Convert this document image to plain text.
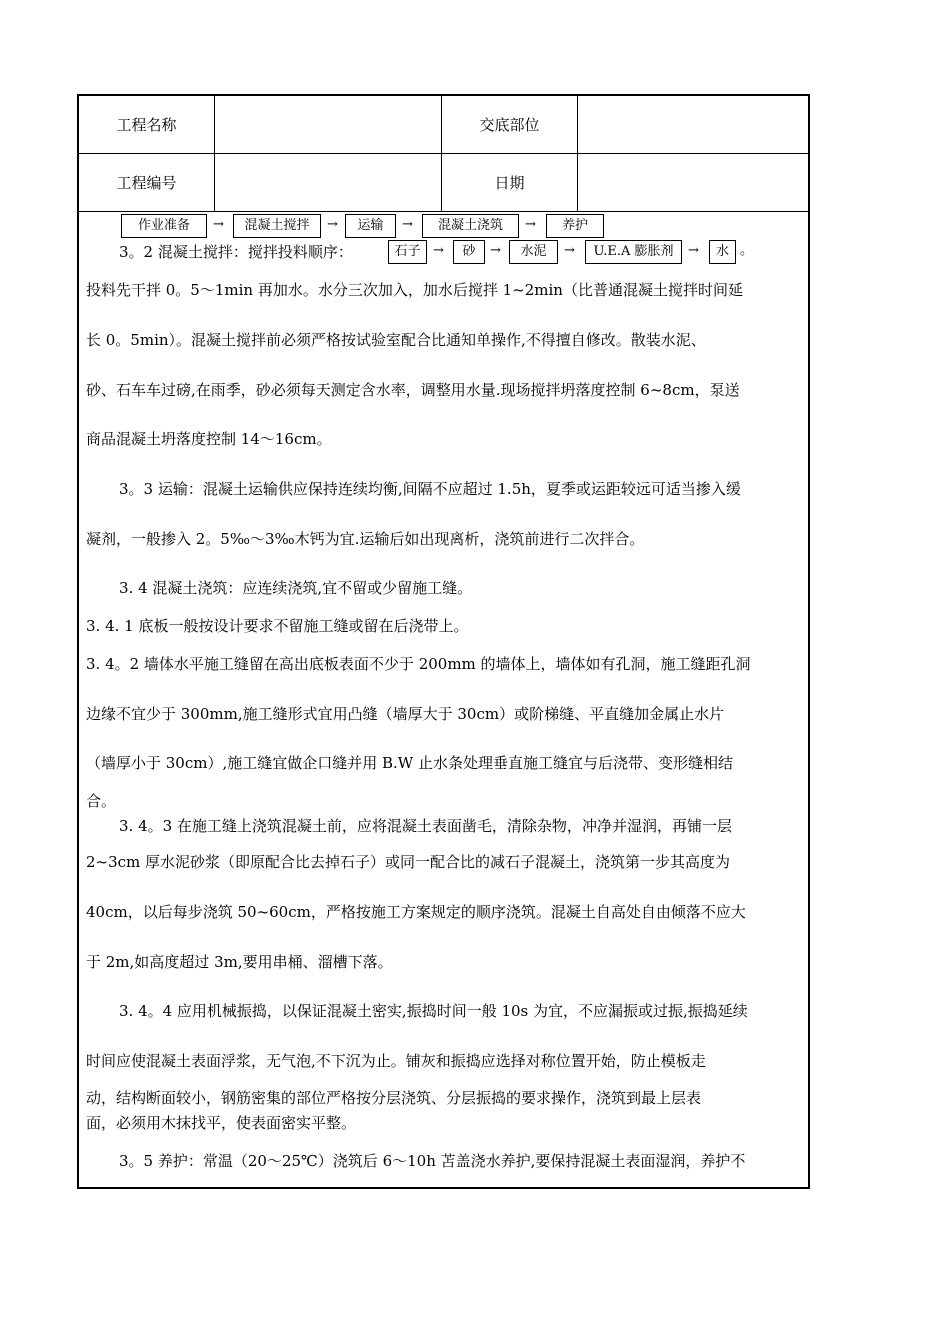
工程名称	交底部位
工程编号	日期
作业准备	→	混凝土搅拌	→	运输	→	混凝土浇筑	→	养护
3。2 混凝土搅拌：搅拌投料顺序：	石子 →	砂	→	水泥	→	U.E.A 膨胀剂	→	水 。
投料先干拌 0。5～1min 再加水。水分三次加入，加水后搅拌 1~2min（比普通混凝土搅拌时间延
长 0。5min）。混凝土搅拌前必须严格按试验室配合比通知单操作,不得擅自修改。散装水泥、
砂、石车车过磅,在雨季，砂必须每天测定含水率，调整用水量.现场搅拌坍落度控制 6~8cm，泵送
商品混凝土坍落度控制 14～16cm。
3。3 运输：混凝土运输供应保持连续均衡,间隔不应超过 1.5h，夏季或运距较远可适当掺入缓
凝剂，一般掺入 2。5‰～3‰木钙为宜.运输后如出现离析，浇筑前进行二次拌合。
3. 4 混凝土浇筑：应连续浇筑,宜不留或少留施工缝。
3. 4. 1 底板一般按设计要求不留施工缝或留在后浇带上。
3. 4。2 墙体水平施工缝留在高出底板表面不少于 200mm 的墙体上，墙体如有孔洞，施工缝距孔洞
边缘不宜少于 300mm,施工缝形式宜用凸缝（墙厚大于 30cm）或阶梯缝、平直缝加金属止水片
（墙厚小于 30cm）,施工缝宜做企口缝并用 B.W 止水条处理垂直施工缝宜与后浇带、变形缝相结
合。
3. 4。3 在施工缝上浇筑混凝土前，应将混凝土表面凿毛，清除杂物，冲净并湿润，再铺一层
2~3cm 厚水泥砂浆（即原配合比去掉石子）或同一配合比的减石子混凝土，浇筑第一步其高度为
40cm，以后每步浇筑 50~60cm，严格按施工方案规定的顺序浇筑。混凝土自高处自由倾落不应大
于 2m,如高度超过 3m,要用串桶、溜槽下落。
3. 4。4 应用机械振捣，以保证混凝土密实,振捣时间一般 10s 为宜，不应漏振或过振,振捣延续
时间应使混凝土表面浮浆，无气泡,不下沉为止。铺灰和振捣应选择对称位置开始，防止模板走
动，结构断面较小，钢筋密集的部位严格按分层浇筑、分层振捣的要求操作，浇筑到最上层表
面，必须用木抹找平，使表面密实平整。
3。5 养护：常温（20～25℃）浇筑后 6～10h 苫盖浇水养护,要保持混凝土表面湿润，养护不
